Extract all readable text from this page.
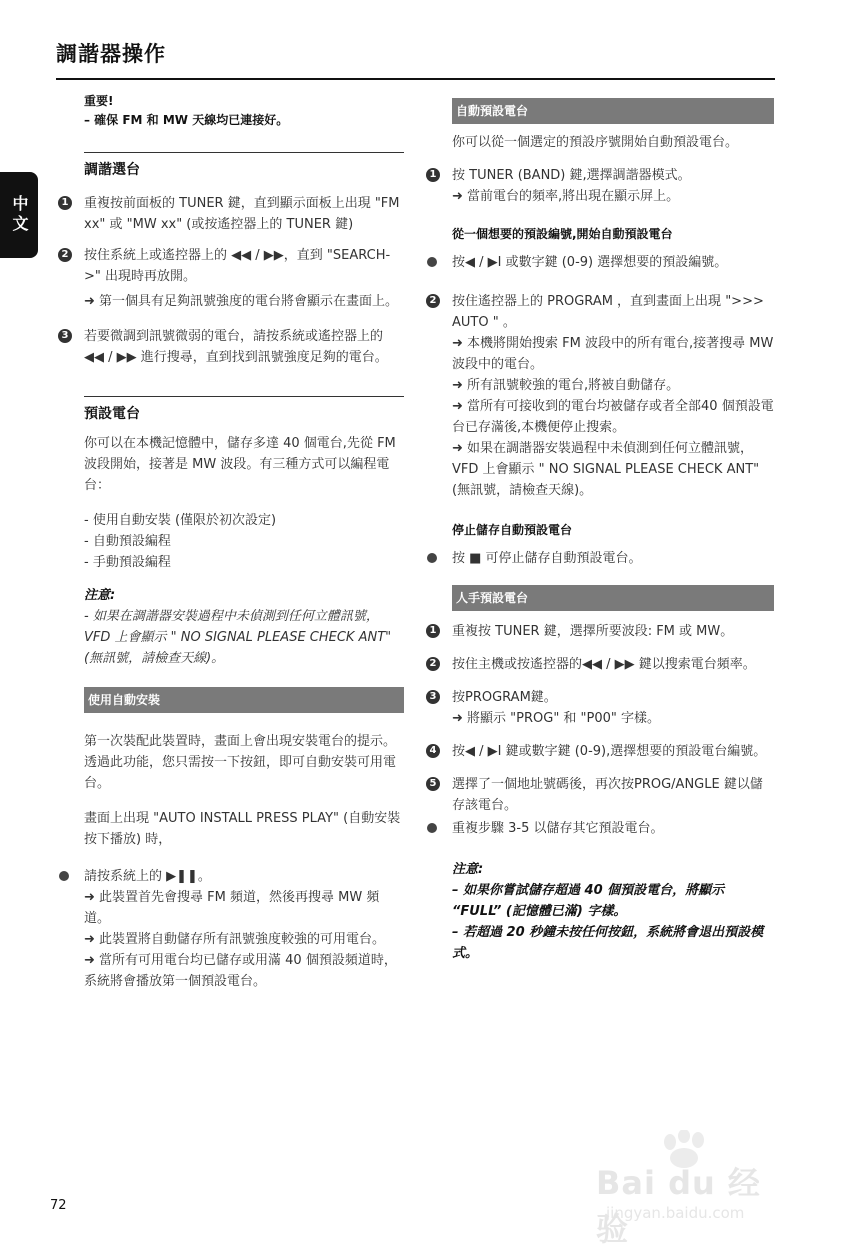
調諧器操作
中文
重要!
– 確保 FM 和 MW 天線均已連接好。
調諧選台
1 重複按前面板的 TUNER 鍵，直到顯示面板上出現 "FM xx" 或 "MW xx" (或按遙控器上的 TUNER 鍵)
2 按住系統上或遙控器上的 ◀◀ / ▶▶，直到 "SEARCH->" 出現時再放開。
➜ 第一個具有足夠訊號強度的電台將會顯示在畫面上。
3 若要微調到訊號微弱的電台，請按系統或遙控器上的 ◀◀ / ▶▶ 進行搜尋，直到找到訊號強度足夠的電台。
預設電台
你可以在本機記憶體中，儲存多達 40 個電台,先從 FM 波段開始，接著是 MW 波段。有三種方式可以編程電台：
- 使用自動安裝 (僅限於初次設定)
- 自動預設編程
- 手動預設編程
注意:
- 如果在調諧器安裝過程中未偵測到任何立體訊號，VFD 上會顯示 " NO SIGNAL PLEASE CHECK ANT" (無訊號，請檢查天線)。
使用自動安裝
第一次裝配此裝置時，畫面上會出現安裝電台的提示。透過此功能，您只需按一下按鈕，即可自動安裝可用電台。
畫面上出現 "AUTO INSTALL PRESS PLAY" (自動安裝按下播放) 時，
請按系統上的 ▶❚❚。
➜ 此裝置首先會搜尋 FM 頻道，然後再搜尋 MW 頻道。
➜ 此裝置將自動儲存所有訊號強度較強的可用電台。
➜ 當所有可用電台均已儲存或用滿 40 個預設頻道時，系統將會播放第一個預設電台。
自動預設電台
你可以從一個選定的預設序號開始自動預設電台。
1 按 TUNER (BAND) 鍵,選擇調諧器模式。
➜ 當前電台的頻率,將出現在顯示屏上。
從一個想要的預設編號,開始自動預設電台
按◀ / ▶I 或數字鍵 (0-9) 選擇想要的預設編號。
2 按住遙控器上的 PROGRAM ，直到畫面上出現 ">>> AUTO " 。
➜ 本機將開始搜索 FM 波段中的所有電台,接著搜尋 MW 波段中的電台。
➜ 所有訊號較強的電台,將被自動儲存。
➜ 當所有可接收到的電台均被儲存或者全部40 個預設電台已存滿後,本機便停止搜索。
➜ 如果在調諧器安裝過程中未偵測到任何立體訊號，VFD 上會顯示 " NO SIGNAL PLEASE CHECK ANT" (無訊號，請檢查天線)。
停止儲存自動預設電台
按 ■ 可停止儲存自動預設電台。
人手預設電台
1 重複按 TUNER 鍵，選擇所要波段: FM 或 MW。
2 按住主機或按遙控器的◀◀ / ▶▶ 鍵以搜索電台頻率。
3 按PROGRAM鍵。
➜ 將顯示 "PROG" 和 "P00" 字樣。
4 按◀ / ▶I 鍵或數字鍵 (0-9),選擇想要的預設電台編號。
5 選擇了一個地址號碼後，再次按PROG/ANGLE 鍵以儲存該電台。
重複步驟 3-5 以儲存其它預設電台。
注意:
– 如果你嘗試儲存超過 40 個預設電台，將顯示 “FULL” (記憶體已滿) 字樣。
– 若超過 20 秒鐘未按任何按鈕，系統將會退出預設模式。
72
Bai du 经验
jingyan.baidu.com
